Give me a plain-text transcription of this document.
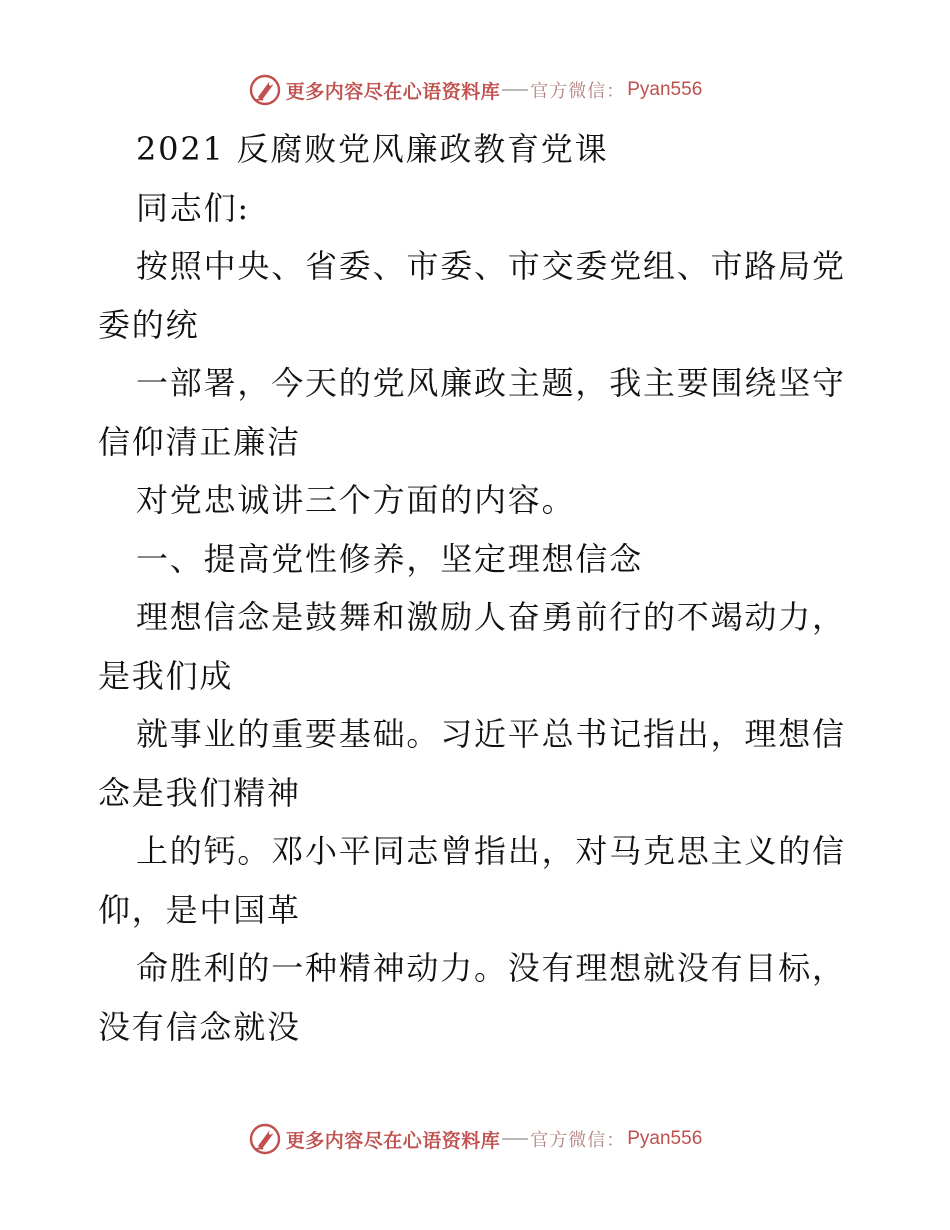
更多内容尽在心语资料库 官方微信： Pyan556
2021 反腐败党风廉政教育党课
同志们:
按照中央、省委、市委、市交委党组、市路局党
委的统
一部署，今天的党风廉政主题，我主要围绕坚守
信仰清正廉洁
对党忠诚讲三个方面的内容。
一、提高党性修养，坚定理想信念
理想信念是鼓舞和激励人奋勇前行的不竭动力，
是我们成
就事业的重要基础。习近平总书记指出，理想信
念是我们精神
上的钙。邓小平同志曾指出，对马克思主义的信
仰，是中国革
命胜利的一种精神动力。没有理想就没有目标，
没有信念就没
更多内容尽在心语资料库 官方微信： Pyan556
